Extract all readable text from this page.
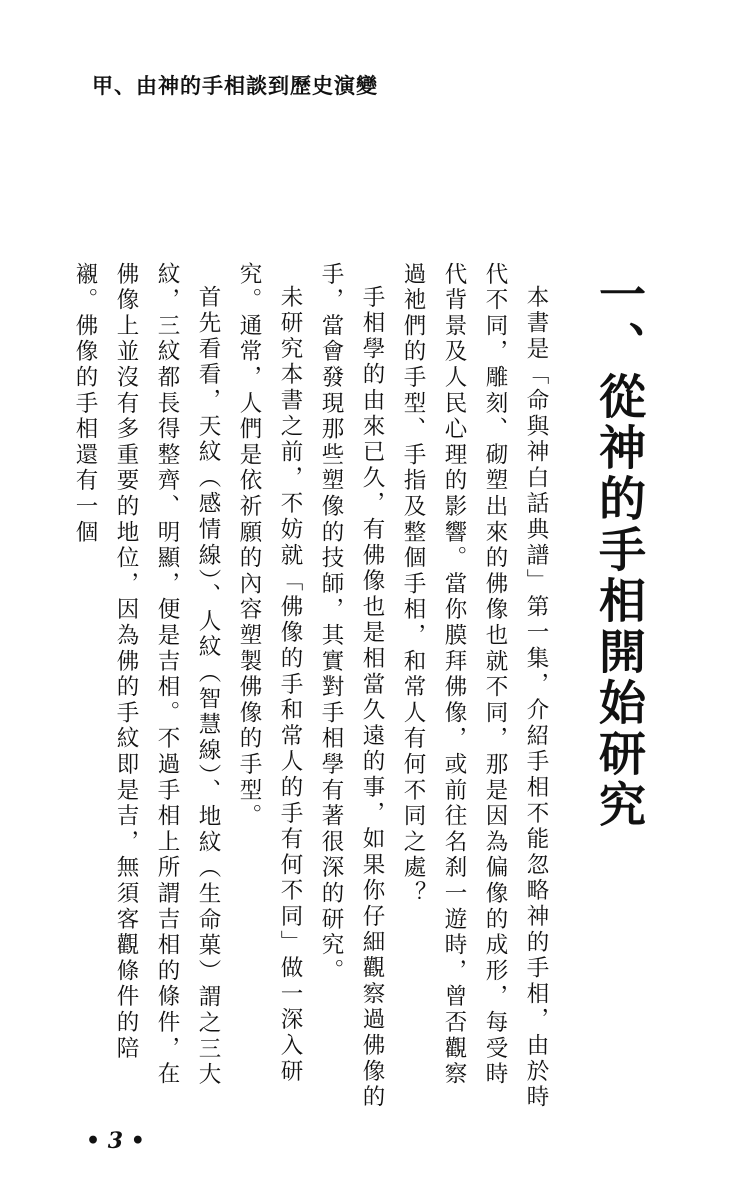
甲、由神的手相談到歷史演變
一、從神的手相開始研究

本書是「命與神白話典譜」第一集，介紹手相不能忽略神的手相，由於時代不同，雕刻、砌塑出來的佛像也就不同，那是因為偏像的成形，每受時代背景及人民心理的影響。當你膜拜佛像，或前往名刹一遊時，曾否觀察過祂們的手型、手指及整個手相，和常人有何不同之處？

手相學的由來已久，有佛像也是相當久遠的事，如果你仔細觀察過佛像的手，當會發現那些塑像的技師，其實對手相學有著很深的研究。

未研究本書之前，不妨就「佛像的手和常人的手有何不同」做一深入研究。通常，人們是依祈願的內容塑製佛像的手型。

首先看看，天紋（感情線）、人紋（智慧線）、地紋（生命菓）謂之三大紋，三紋都長得整齊、明顯，便是吉相。不過手相上所謂吉相的條件，在佛像上並沒有多重要的地位，因為佛的手紋即是吉，無須客觀條件的陪襯。佛像的手相還有一個

• 3 •
